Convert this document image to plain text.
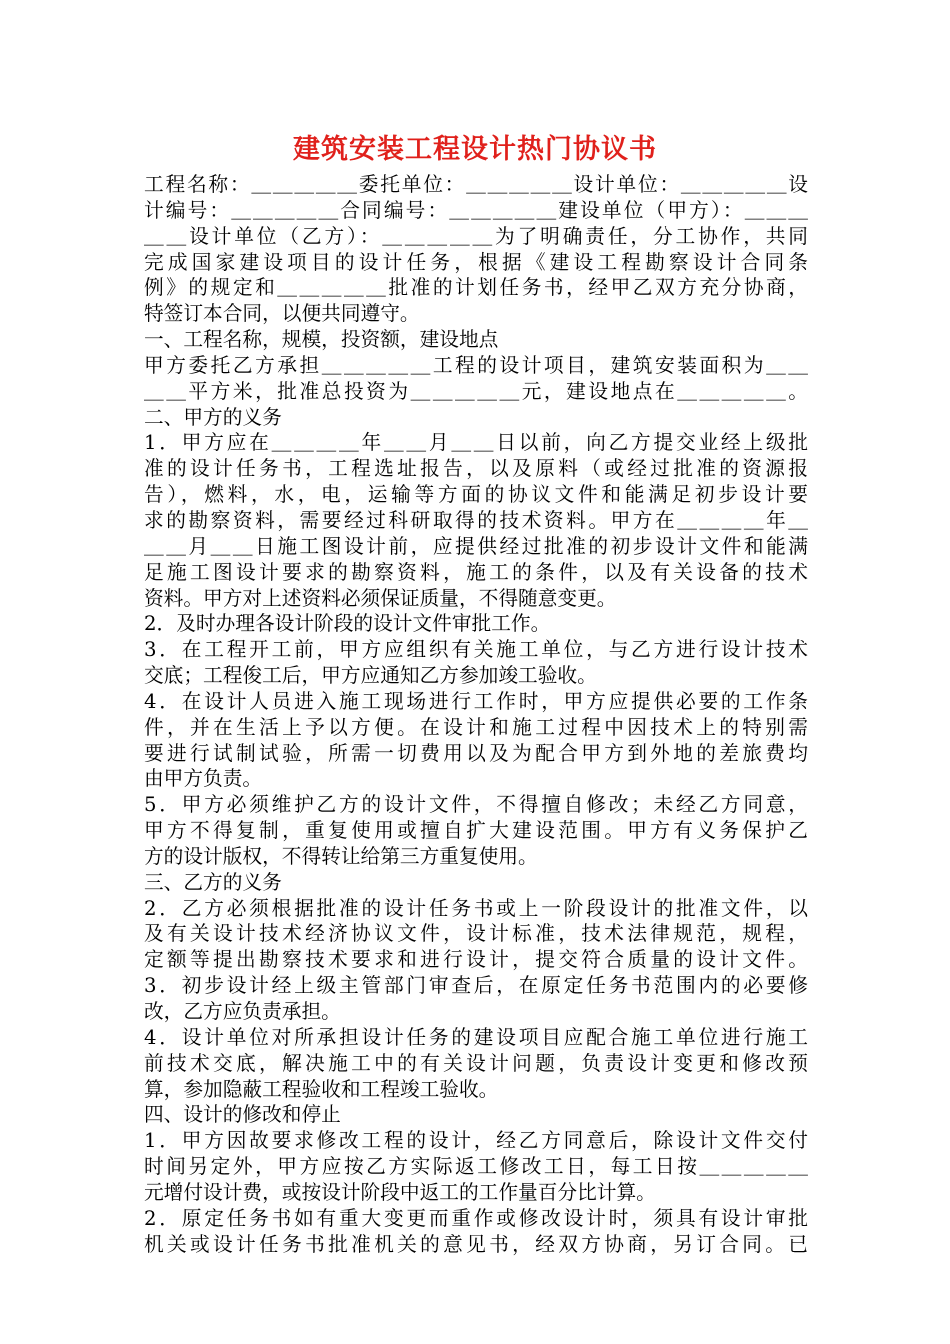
建筑安装工程设计热门协议书
工程名称：＿＿＿＿＿委托单位：＿＿＿＿＿设计单位：＿＿＿＿＿设
计编号：＿＿＿＿＿合同编号：＿＿＿＿＿建设单位（甲方）：＿＿＿
＿＿设计单位（乙方）：＿＿＿＿＿为了明确责任，分工协作，共同
完成国家建设项目的设计任务，根据《建设工程勘察设计合同条
例》的规定和＿＿＿＿＿批准的计划任务书，经甲乙双方充分协商，
特签订本合同，以便共同遵守。
一、工程名称，规模，投资额，建设地点
甲方委托乙方承担＿＿＿＿＿工程的设计项目，建筑安装面积为＿＿
＿＿平方米，批准总投资为＿＿＿＿＿元，建设地点在＿＿＿＿＿。
二、甲方的义务
1．甲方应在＿＿＿＿年＿＿月＿＿日以前，向乙方提交业经上级批
准的设计任务书，工程选址报告，以及原料（或经过批准的资源报
告），燃料，水，电，运输等方面的协议文件和能满足初步设计要
求的勘察资料，需要经过科研取得的技术资料。甲方在＿＿＿＿年＿
＿＿月＿＿日施工图设计前，应提供经过批准的初步设计文件和能满
足施工图设计要求的勘察资料，施工的条件，以及有关设备的技术
资料。甲方对上述资料必须保证质量，不得随意变更。
2．及时办理各设计阶段的设计文件审批工作。
3．在工程开工前，甲方应组织有关施工单位，与乙方进行设计技术
交底；工程俊工后，甲方应通知乙方参加竣工验收。
4．在设计人员进入施工现场进行工作时，甲方应提供必要的工作条
件，并在生活上予以方便。在设计和施工过程中因技术上的特别需
要进行试制试验，所需一切费用以及为配合甲方到外地的差旅费均
由甲方负责。
5．甲方必须维护乙方的设计文件，不得擅自修改；未经乙方同意，
甲方不得复制，重复使用或擅自扩大建设范围。甲方有义务保护乙
方的设计版权，不得转让给第三方重复使用。
三、乙方的义务
2．乙方必须根据批准的设计任务书或上一阶段设计的批准文件，以
及有关设计技术经济协议文件，设计标准，技术法律规范，规程，
定额等提出勘察技术要求和进行设计，提交符合质量的设计文件。
3．初步设计经上级主管部门审查后，在原定任务书范围内的必要修
改，乙方应负责承担。
4．设计单位对所承担设计任务的建设项目应配合施工单位进行施工
前技术交底，解决施工中的有关设计问题，负责设计变更和修改预
算，参加隐蔽工程验收和工程竣工验收。
四、设计的修改和停止
1．甲方因故要求修改工程的设计，经乙方同意后，除设计文件交付
时间另定外，甲方应按乙方实际返工修改工日，每工日按＿＿＿＿＿
元增付设计费，或按设计阶段中返工的工作量百分比计算。
2．原定任务书如有重大变更而重作或修改设计时，须具有设计审批
机关或设计任务书批准机关的意见书，经双方协商，另订合同。已
